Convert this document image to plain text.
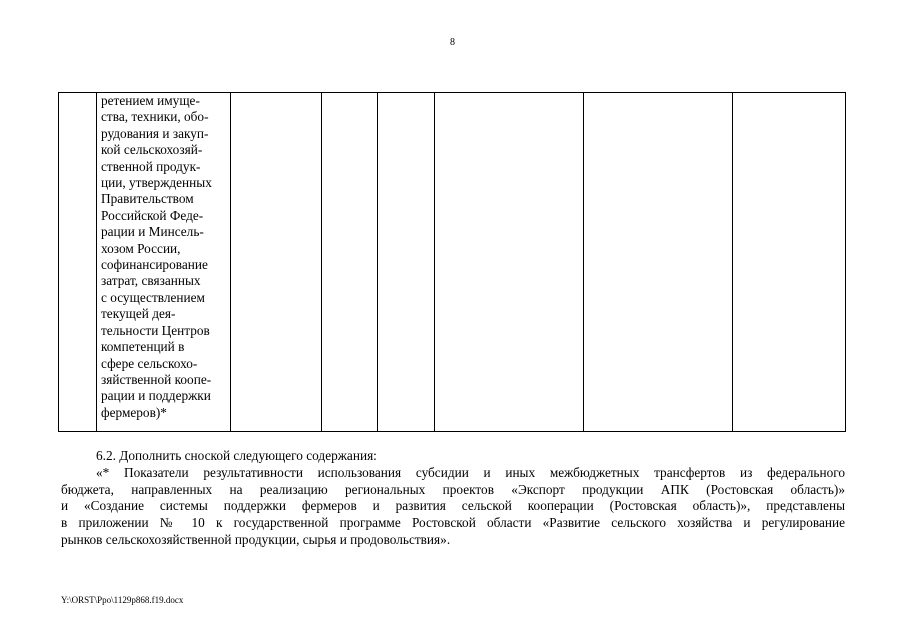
8

ретением имуще-
ства, техники, обо-
рудования и закуп-
кой сельскохозяй-
ственной продук-
ции, утвержденных
Правительством
Российской Феде-
рации и Минсель-
хозом России,
софинансирование
затрат, связанных
с осуществлением
текущей дея-
тельности Центров
компетенций в
сфере сельскохо-
зяйственной коопе-
рации и поддержки
фермеров)*

6.2. Дополнить сноской следующего содержания:

«* Показатели результативности использования субсидии и иных межбюджетных трансфертов из федерального
бюджета, направленных на реализацию региональных проектов «Экспорт продукции АПК (Ростовская область)»
и «Создание системы поддержки фермеров и развития сельской кооперации (Ростовская область)», представлены
в приложении № 10 к государственной программе Ростовской области «Развитие сельского хозяйства и регулирование
рынков сельскохозяйственной продукции, сырья и продовольствия».
Y:\ORST\Ppo\1129p868.f19.docx
